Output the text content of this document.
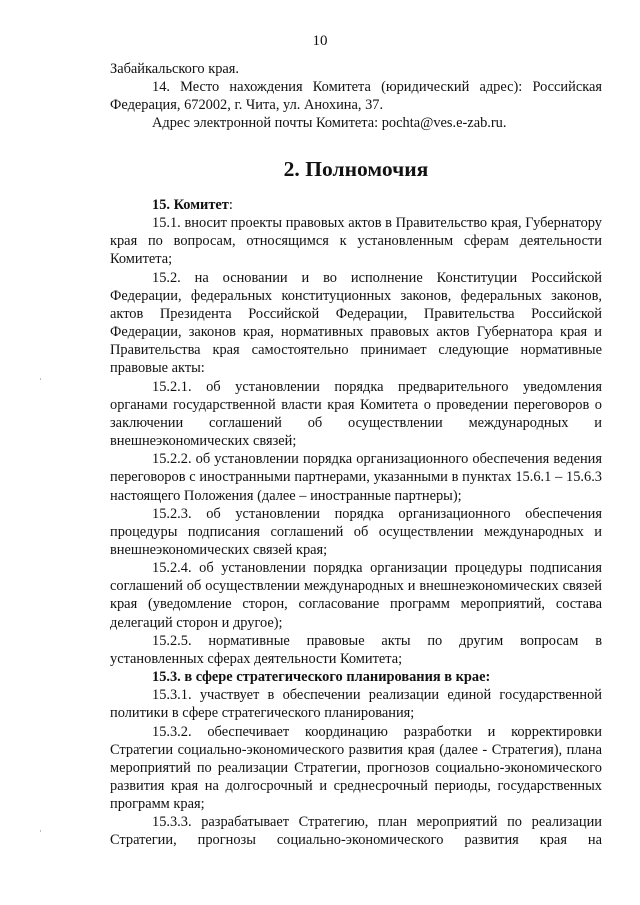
10

Забайкальского края.

14. Место нахождения Комитета (юридический адрес): Российская Федерация, 672002, г. Чита, ул. Анохина, 37.

Адрес электронной почты Комитета: pochta@ves.e-zab.ru.

2. Полномочия

15. Комитет:

15.1. вносит проекты правовых актов в Правительство края, Губернатору края по вопросам, относящимся к установленным сферам деятельности Комитета;

15.2. на основании и во исполнение Конституции Российской Федерации, федеральных конституционных законов, федеральных законов, актов Президента Российской Федерации, Правительства Российской Федерации, законов края, нормативных правовых актов Губернатора края и Правительства края самостоятельно принимает следующие нормативные правовые акты:

15.2.1. об установлении порядка предварительного уведомления органами государственной власти края Комитета о проведении переговоров о заключении соглашений об осуществлении международных и внешнеэкономических связей;

15.2.2. об установлении порядка организационного обеспечения ведения переговоров с иностранными партнерами, указанными в пунктах 15.6.1 – 15.6.3 настоящего Положения (далее – иностранные партнеры);

15.2.3. об установлении порядка организационного обеспечения процедуры подписания соглашений об осуществлении международных и внешнеэкономических связей края;

15.2.4. об установлении порядка организации процедуры подписания соглашений об осуществлении международных и внешнеэкономических связей края (уведомление сторон, согласование программ мероприятий, состава делегаций сторон и другое);

15.2.5. нормативные правовые акты по другим вопросам в установленных сферах деятельности Комитета;

15.3. в сфере стратегического планирования в крае:

15.3.1. участвует в обеспечении реализации единой государственной политики в сфере стратегического планирования;

15.3.2. обеспечивает координацию разработки и корректировки Стратегии социально-экономического развития края (далее - Стратегия), плана мероприятий по реализации Стратегии, прогнозов социально-экономического развития края на долгосрочный и среднесрочный периоды, государственных программ края;

15.3.3. разрабатывает Стратегию, план мероприятий по реализации Стратегии, прогнозы социально-экономического развития края на
